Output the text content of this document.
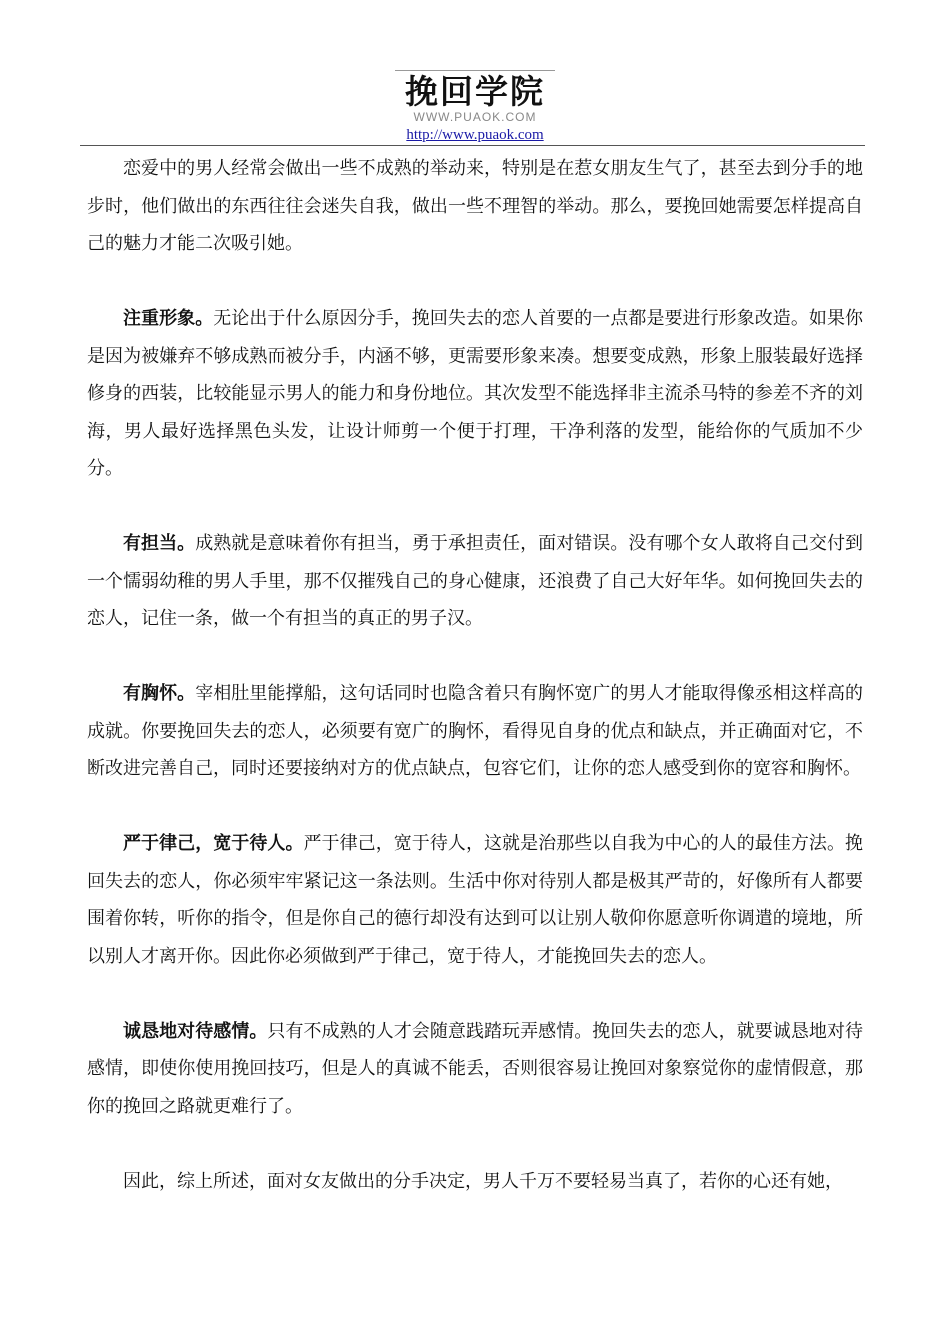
挽回学院
WWW.PUAOK.COM
http://www.puaok.com

恋爱中的男人经常会做出一些不成熟的举动来，特别是在惹女朋友生气了，甚至去到分手的地步时，他们做出的东西往往会迷失自我，做出一些不理智的举动。那么，要挽回她需要怎样提高自己的魅力才能二次吸引她。

注重形象。无论出于什么原因分手，挽回失去的恋人首要的一点都是要进行形象改造。如果你是因为被嫌弃不够成熟而被分手，内涵不够，更需要形象来凑。想要变成熟，形象上服装最好选择修身的西装，比较能显示男人的能力和身份地位。其次发型不能选择非主流杀马特的参差不齐的刘海，男人最好选择黑色头发，让设计师剪一个便于打理，干净利落的发型，能给你的气质加不少分。

有担当。成熟就是意味着你有担当，勇于承担责任，面对错误。没有哪个女人敢将自己交付到一个懦弱幼稚的男人手里，那不仅摧残自己的身心健康，还浪费了自己大好年华。如何挽回失去的恋人，记住一条，做一个有担当的真正的男子汉。

有胸怀。宰相肚里能撑船，这句话同时也隐含着只有胸怀宽广的男人才能取得像丞相这样高的成就。你要挽回失去的恋人，必须要有宽广的胸怀，看得见自身的优点和缺点，并正确面对它，不断改进完善自己，同时还要接纳对方的优点缺点，包容它们，让你的恋人感受到你的宽容和胸怀。

严于律己，宽于待人。严于律己，宽于待人，这就是治那些以自我为中心的人的最佳方法。挽回失去的恋人，你必须牢牢紧记这一条法则。生活中你对待别人都是极其严苛的，好像所有人都要围着你转，听你的指令，但是你自己的德行却没有达到可以让别人敬仰你愿意听你调遣的境地，所以别人才离开你。因此你必须做到严于律己，宽于待人，才能挽回失去的恋人。

诚恳地对待感情。只有不成熟的人才会随意践踏玩弄感情。挽回失去的恋人，就要诚恳地对待感情，即使你使用挽回技巧，但是人的真诚不能丢，否则很容易让挽回对象察觉你的虚情假意，那你的挽回之路就更难行了。

因此，综上所述，面对女友做出的分手决定，男人千万不要轻易当真了，若你的心还有她，
